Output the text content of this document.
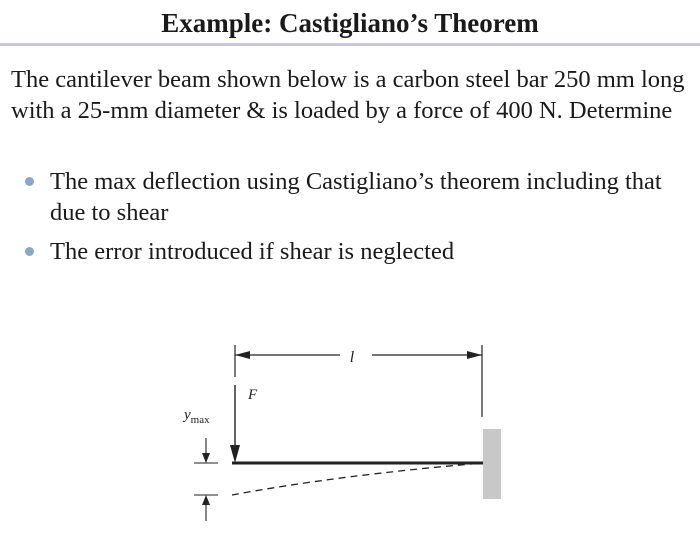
Example: Castigliano’s Theorem
The cantilever beam shown below is a carbon steel bar 250 mm long with a 25-mm diameter & is loaded by a force of 400 N. Determine
The max deflection using Castigliano’s theorem including that due to shear
The error introduced if shear is neglected
l
F
$y_{max}$
